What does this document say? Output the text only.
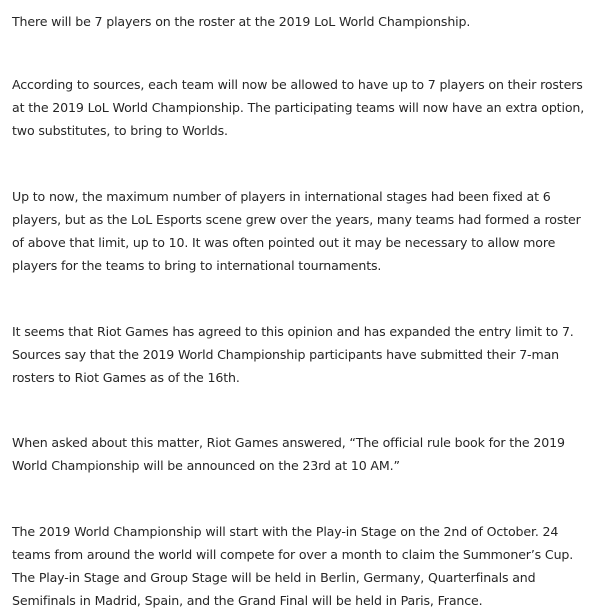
There will be 7 players on the roster at the 2019 LoL World Championship.

According to sources, each team will now be allowed to have up to 7 players on their rosters at the 2019 LoL World Championship. The participating teams will now have an extra option, two substitutes, to bring to Worlds.

Up to now, the maximum number of players in international stages had been fixed at 6 players, but as the LoL Esports scene grew over the years, many teams had formed a roster of above that limit, up to 10. It was often pointed out it may be necessary to allow more players for the teams to bring to international tournaments.

It seems that Riot Games has agreed to this opinion and has expanded the entry limit to 7. Sources say that the 2019 World Championship participants have submitted their 7-man rosters to Riot Games as of the 16th.

When asked about this matter, Riot Games answered, “The official rule book for the 2019 World Championship will be announced on the 23rd at 10 AM.”

The 2019 World Championship will start with the Play-in Stage on the 2nd of October. 24 teams from around the world will compete for over a month to claim the Summoner’s Cup. The Play-in Stage and Group Stage will be held in Berlin, Germany, Quarterfinals and Semifinals in Madrid, Spain, and the Grand Final will be held in Paris, France.
